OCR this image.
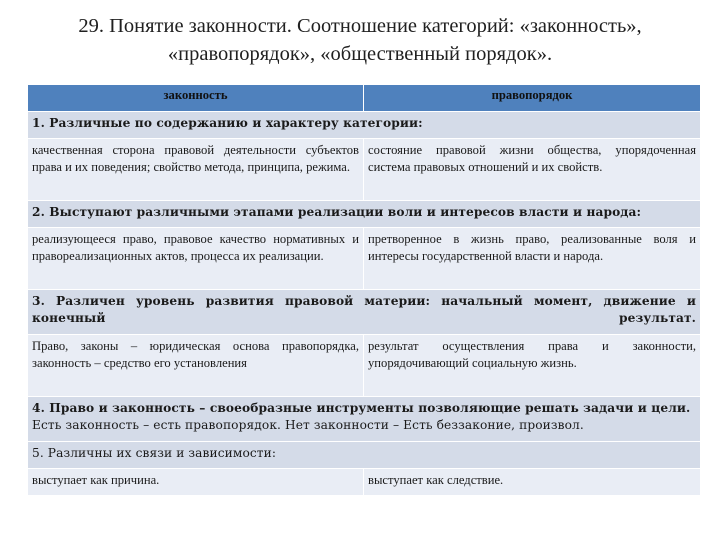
29. Понятие законности. Соотношение категорий: «законность»,
«правопорядок», «общественный порядок».
законность	правопорядок
1. Различные по содержанию и характеру категории:	
качественная сторона правовой деятельности субъектов права и их поведения; свойство метода, принципа, режима.	состояние правовой жизни общества, упорядоченная система правовых отношений и их свойств.
2. Выступают различными этапами реализации воли и интересов власти и народа:	
реализующееся право, правовое качество нормативных и правореализационных актов, процесса их реализации.	претворенное в жизнь право, реализованные воля и интересы государственной власти и народа.
3. Различен уровень развития правовой материи: начальный момент, движение и конечный результат.	
Право, законы – юридическая основа правопорядка, законность – средство его установления	результат осуществления права и законности, упорядочивающий социальную жизнь.
4. Право и законность – своеобразные инструменты позволяющие решать задачи и цели.
Есть законность – есть правопорядок. Нет законности – Есть беззаконие, произвол.	
5. Различны их связи и зависимости:	
выступает как причина.	выступает как следствие.
